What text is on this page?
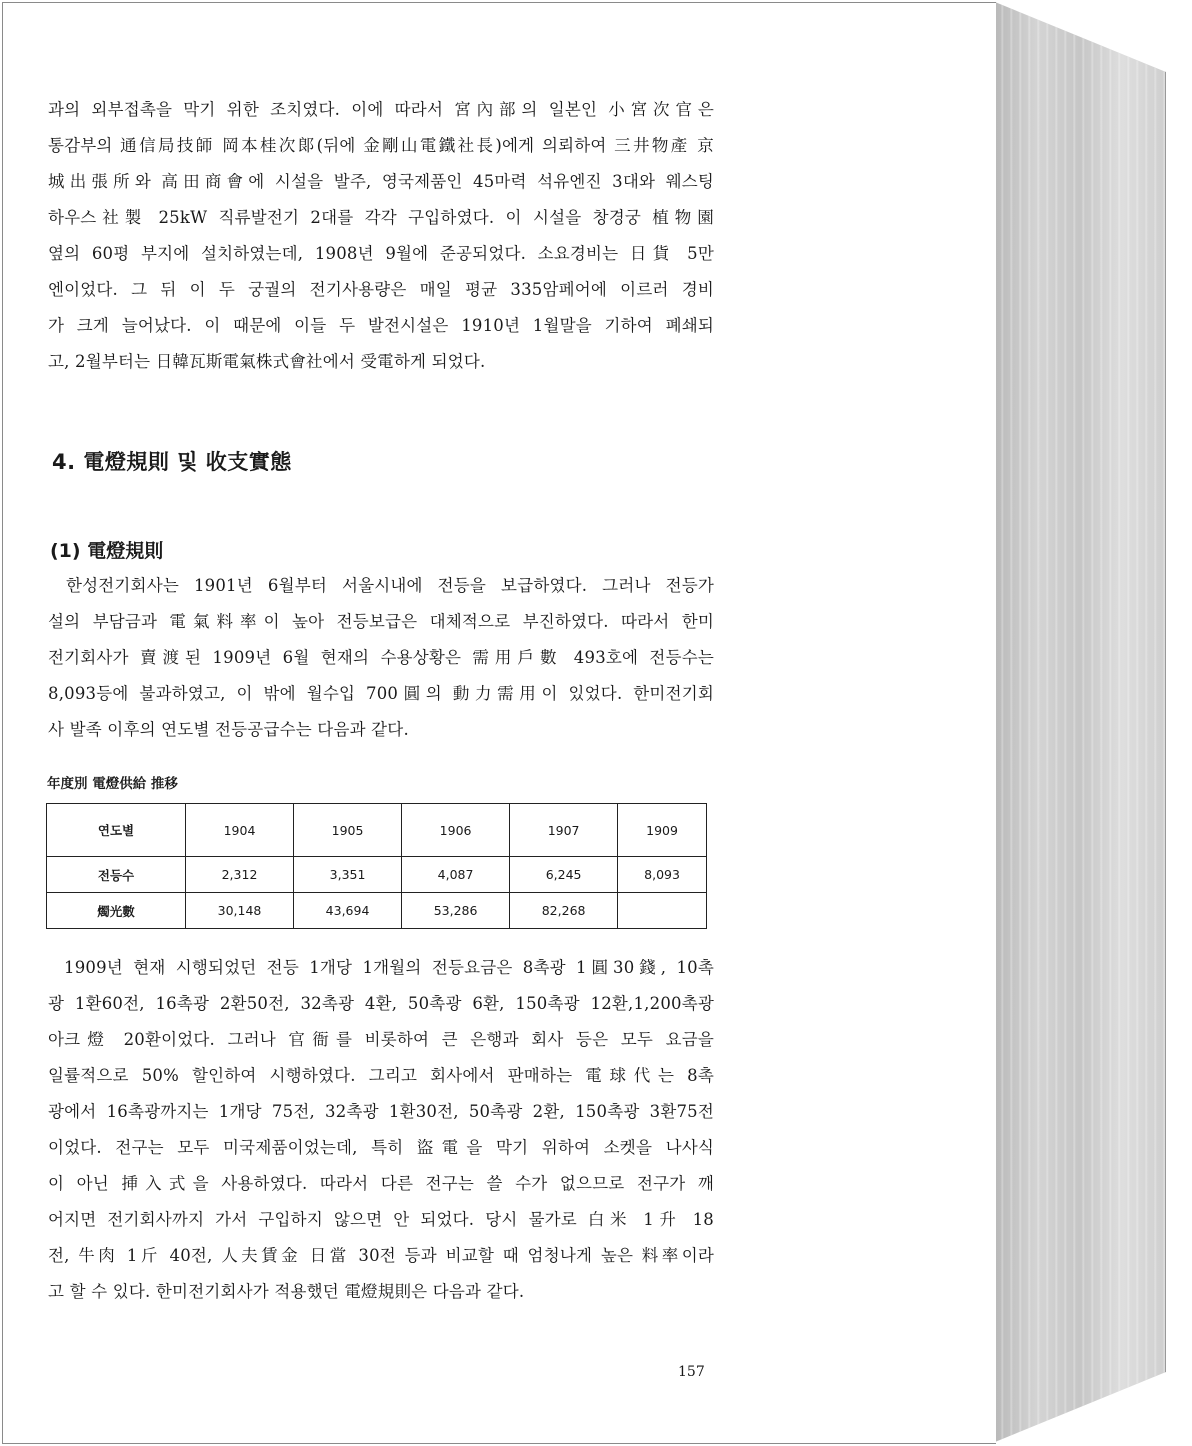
과의 외부접촉을 막기 위한 조치였다. 이에 따라서 宮內部의 일본인 小宮次官은
통감부의 通信局技師 岡本桂次郞(뒤에 金剛山電鐵社長)에게 의뢰하여 三井物產 京
城出張所와 高田商會에 시설을 발주, 영국제품인 45마력 석유엔진 3대와 웨스팅
하우스社製 25kW 직류발전기 2대를 각각 구입하였다. 이 시설을 창경궁 植物園
옆의 60평 부지에 설치하였는데, 1908년 9월에 준공되었다. 소요경비는 日貨 5만
엔이었다. 그 뒤 이 두 궁궐의 전기사용량은 매일 평균 335암페어에 이르러 경비
가 크게 늘어났다. 이 때문에 이들 두 발전시설은 1910년 1월말을 기하여 폐쇄되
고, 2월부터는 日韓瓦斯電氣株式會社에서 受電하게 되었다.
4. 電燈規則 및 收支實態
(1) 電燈規則
한성전기회사는 1901년 6월부터 서울시내에 전등을 보급하였다. 그러나 전등가
설의 부담금과 電氣料率이 높아 전등보급은 대체적으로 부진하였다. 따라서 한미
전기회사가 賣渡된 1909년 6월 현재의 수용상황은 需用戶數 493호에 전등수는
8,093등에 불과하였고, 이 밖에 월수입 700圓의 動力需用이 있었다. 한미전기회
사 발족 이후의 연도별 전등공급수는 다음과 같다.
年度別 電燈供給 推移
연도별	1904	1905	1906	1907	1909
전등수	2,312	3,351	4,087	6,245	8,093
燭光數	30,148	43,694	53,286	82,268	
1909년 현재 시행되었던 전등 1개당 1개월의 전등요금은 8촉광 1圓30錢, 10촉
광 1환60전, 16촉광 2환50전, 32촉광 4환, 50촉광 6환, 150촉광 12환,1,200촉광
아크燈 20환이었다. 그러나 官衙를 비롯하여 큰 은행과 회사 등은 모두 요금을
일률적으로 50% 할인하여 시행하였다. 그리고 회사에서 판매하는 電球代는 8촉
광에서 16촉광까지는 1개당 75전, 32촉광 1환30전, 50촉광 2환, 150촉광 3환75전
이었다. 전구는 모두 미국제품이었는데, 특히 盜電을 막기 위하여 소켓을 나사식
이 아닌 挿入式을 사용하였다. 따라서 다른 전구는 쓸 수가 없으므로 전구가 깨
어지면 전기회사까지 가서 구입하지 않으면 안 되었다. 당시 물가로 白米 1升 18
전, 牛肉 1斤 40전, 人夫賃金 日當 30전 등과 비교할 때 엄청나게 높은 料率이라
고 할 수 있다. 한미전기회사가 적용했던 電燈規則은 다음과 같다.
157
